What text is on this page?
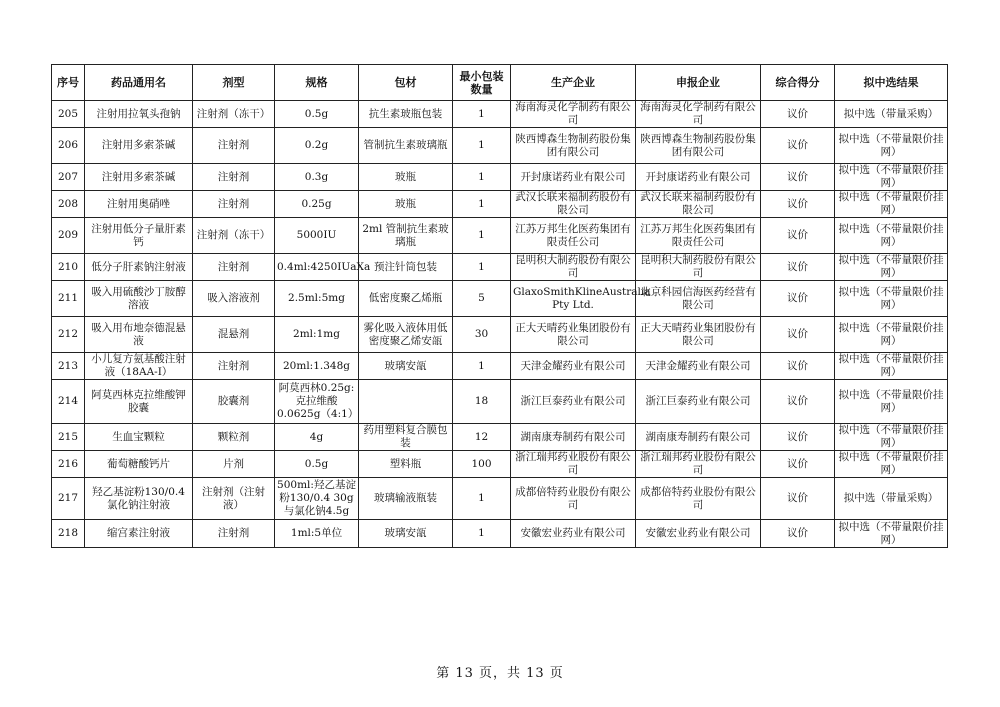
序号	药品通用名	剂型	规格	包材	最小包装数量	生产企业	申报企业	综合得分	拟中选结果
205	注射用拉氧头孢钠	注射剂（冻干）	0.5g	抗生素玻瓶包装	1	海南海灵化学制药有限公司	海南海灵化学制药有限公司	议价	拟中选（带量采购）
206	注射用多索茶碱	注射剂	0.2g	管制抗生素玻璃瓶	1	陕西博森生物制药股份集团有限公司	陕西博森生物制药股份集团有限公司	议价	拟中选（不带量限价挂网）
207	注射用多索茶碱	注射剂	0.3g	玻瓶	1	开封康诺药业有限公司	开封康诺药业有限公司	议价	拟中选（不带量限价挂网）
208	注射用奥硝唑	注射剂	0.25g	玻瓶	1	武汉长联来福制药股份有限公司	武汉长联来福制药股份有限公司	议价	拟中选（不带量限价挂网）
209	注射用低分子量肝素钙	注射剂（冻干）	5000IU	2ml 管制抗生素玻璃瓶	1	江苏万邦生化医药集团有限责任公司	江苏万邦生化医药集团有限责任公司	议价	拟中选（不带量限价挂网）
210	低分子肝素钠注射液	注射剂	0.4ml:4250IUaXa	预注针筒包装	1	昆明积大制药股份有限公司	昆明积大制药股份有限公司	议价	拟中选（不带量限价挂网）
211	吸入用硫酸沙丁胺醇溶液	吸入溶液剂	2.5ml:5mg	低密度聚乙烯瓶	5	GlaxoSmithKlineAustralia Pty Ltd.	北京科园信海医药经营有限公司	议价	拟中选（不带量限价挂网）
212	吸入用布地奈德混悬液	混悬剂	2ml:1mg	雾化吸入液体用低密度聚乙烯安瓿	30	正大天晴药业集团股份有限公司	正大天晴药业集团股份有限公司	议价	拟中选（不带量限价挂网）
213	小儿复方氨基酸注射液（18AA-I）	注射剂	20ml:1.348g	玻璃安瓿	1	天津金耀药业有限公司	天津金耀药业有限公司	议价	拟中选（不带量限价挂网）
214	阿莫西林克拉维酸钾胶囊	胶囊剂	阿莫西林0.25g:克拉维酸0.0625g（4:1）		18	浙江巨泰药业有限公司	浙江巨泰药业有限公司	议价	拟中选（不带量限价挂网）
215	生血宝颗粒	颗粒剂	4g	药用塑料复合膜包装	12	湖南康寿制药有限公司	湖南康寿制药有限公司	议价	拟中选（不带量限价挂网）
216	葡萄糖酸钙片	片剂	0.5g	塑料瓶	100	浙江瑞邦药业股份有限公司	浙江瑞邦药业股份有限公司	议价	拟中选（不带量限价挂网）
217	羟乙基淀粉130/0.4氯化钠注射液	注射剂（注射液）	500ml:羟乙基淀粉130/0.4 30g与氯化钠4.5g	玻璃输液瓶装	1	成都倍特药业股份有限公司	成都倍特药业股份有限公司	议价	拟中选（带量采购）
218	缩宫素注射液	注射剂	1ml:5单位	玻璃安瓿	1	安徽宏业药业有限公司	安徽宏业药业有限公司	议价	拟中选（不带量限价挂网）
第 13 页，共 13 页
